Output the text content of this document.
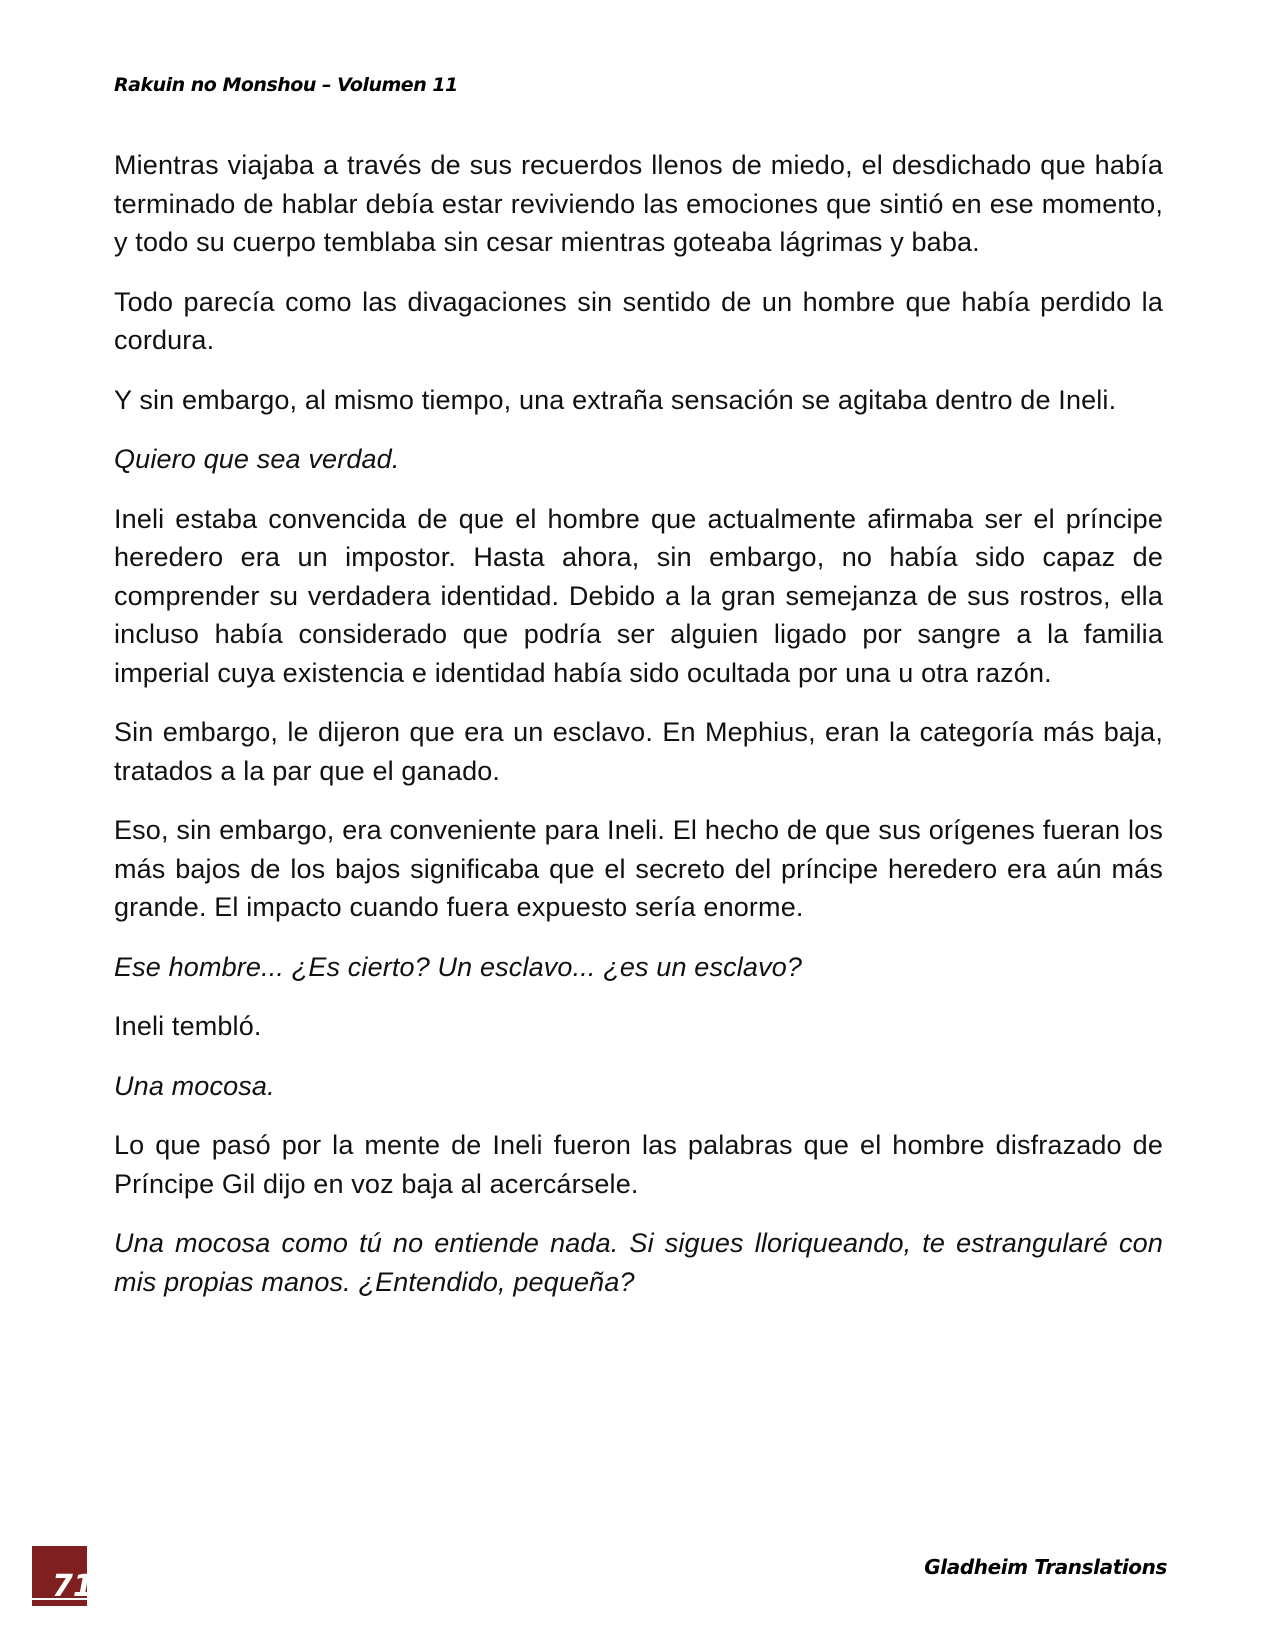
Rakuin no Monshou – Volumen 11

Mientras viajaba a través de sus recuerdos llenos de miedo, el desdichado que había terminado de hablar debía estar reviviendo las emociones que sintió en ese momento, y todo su cuerpo temblaba sin cesar mientras goteaba lágrimas y baba.

Todo parecía como las divagaciones sin sentido de un hombre que había perdido la cordura.

Y sin embargo, al mismo tiempo, una extraña sensación se agitaba dentro de Ineli.

Quiero que sea verdad.

Ineli estaba convencida de que el hombre que actualmente afirmaba ser el príncipe heredero era un impostor. Hasta ahora, sin embargo, no había sido capaz de comprender su verdadera identidad. Debido a la gran semejanza de sus rostros, ella incluso había considerado que podría ser alguien ligado por sangre a la familia imperial cuya existencia e identidad había sido ocultada por una u otra razón.

Sin embargo, le dijeron que era un esclavo. En Mephius, eran la categoría más baja, tratados a la par que el ganado.

Eso, sin embargo, era conveniente para Ineli. El hecho de que sus orígenes fueran los más bajos de los bajos significaba que el secreto del príncipe heredero era aún más grande. El impacto cuando fuera expuesto sería enorme.

Ese hombre... ¿Es cierto? Un esclavo... ¿es un esclavo?

Ineli tembló.

Una mocosa.

Lo que pasó por la mente de Ineli fueron las palabras que el hombre disfrazado de Príncipe Gil dijo en voz baja al acercársele.

Una mocosa como tú no entiende nada. Si sigues lloriqueando, te estrangularé con mis propias manos. ¿Entendido, pequeña?

71
Gladheim Translations
